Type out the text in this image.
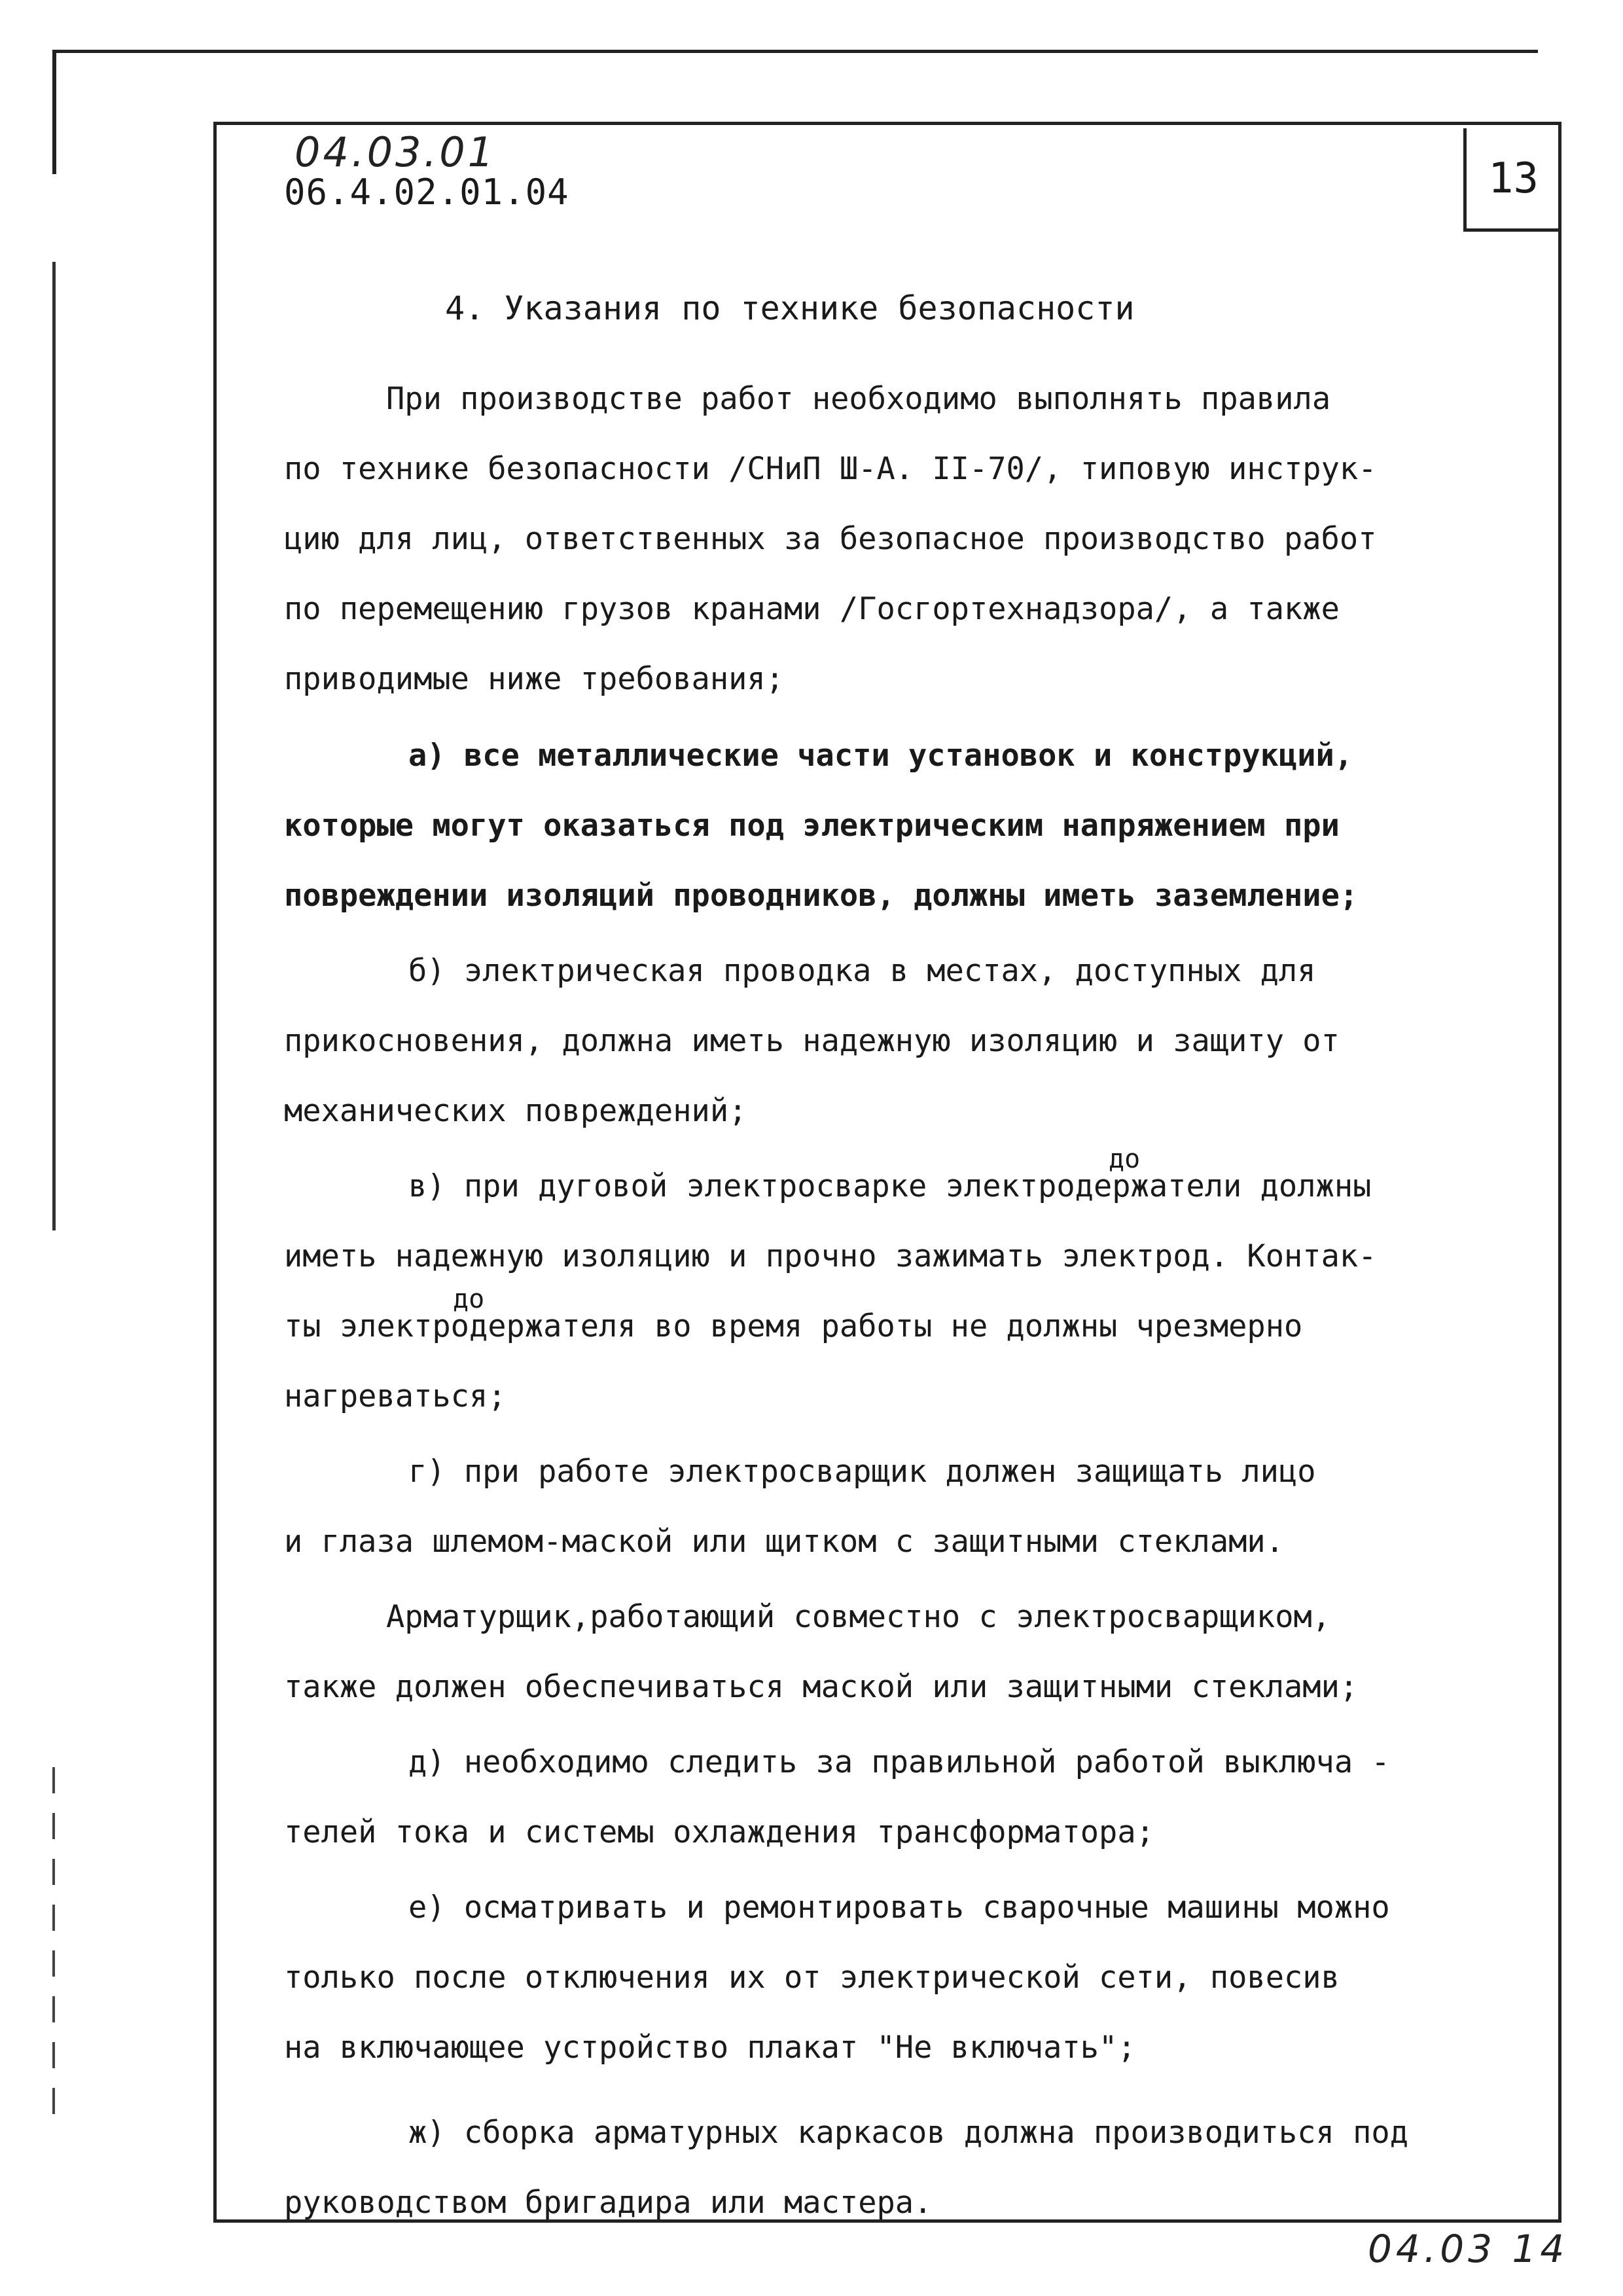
13
04.03.01
06.4.02.01.04
4. Указания по технике безопасности
При производстве работ необходимо выполнять правила
по технике безопасности /СНиП Ш-А. II-70/, типовую инструк-
цию для лиц, ответственных за безопасное производство работ
по перемещению грузов кранами /Госгортехнадзора/, а также
приводимые ниже требования;
а) все металлические части установок и конструкций,
которые могут оказаться под электрическим напряжением при
повреждении изоляций проводников, должны иметь заземление;
б) электрическая проводка в местах, доступных для
прикосновения, должна иметь надежную изоляцию и защиту от
механических повреждений;
в) при дуговой электросварке электродержатели должны
до
иметь надежную изоляцию и прочно зажимать электрод. Контак-
ты электродержателя во время работы не должны чрезмерно
до
нагреваться;
г) при работе электросварщик должен защищать лицо
и глаза шлемом-маской или щитком с защитными стеклами.
Арматурщик,работающий совместно с электросварщиком,
также должен обеспечиваться маской или защитными стеклами;
д) необходимо следить за правильной работой выключа -
телей тока и системы охлаждения трансформатора;
е) осматривать и ремонтировать сварочные машины можно
только после отключения их от электрической сети, повесив
на включающее устройство плакат "Не включать";
ж) сборка арматурных каркасов должна производиться под
руководством бригадира или мастера.
04.03 14
